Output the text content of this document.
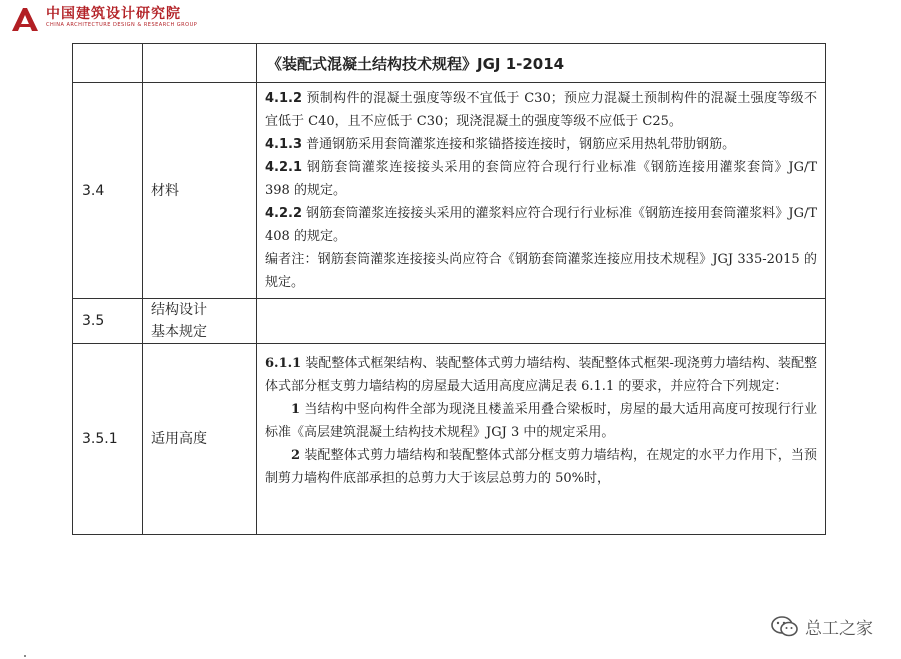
中国建筑设计研究院
CHINA ARCHITECTURE DESIGN & RESEARCH GROUP
		《装配式混凝土结构技术规程》JGJ 1-2014
3.4	材料	4.1.2 预制构件的混凝土强度等级不宜低于 C30；预应力混凝土预制构件的混凝土强度等级不宜低于 C40，且不应低于 C30；现浇混凝土的强度等级不应低于 C25。

4.1.3 普通钢筋采用套筒灌浆连接和浆锚搭接连接时，钢筋应采用热轧带肋钢筋。

4.2.1 钢筋套筒灌浆连接接头采用的套筒应符合现行行业标准《钢筋连接用灌浆套筒》JG/T 398 的规定。

4.2.2 钢筋套筒灌浆连接接头采用的灌浆料应符合现行行业标准《钢筋连接用套筒灌浆料》JG/T 408 的规定。

编者注：钢筋套筒灌浆连接接头尚应符合《钢筋套筒灌浆连接应用技术规程》JGJ 335-2015 的规定。

3.5	结构设计
基本规定	

3.5.1	适用高度	6.1.1 装配整体式框架结构、装配整体式剪力墙结构、装配整体式框架-现浇剪力墙结构、装配整体式部分框支剪力墙结构的房屋最大适用高度应满足表 6.1.1 的要求，并应符合下列规定：

1 当结构中竖向构件全部为现浇且楼盖采用叠合梁板时，房屋的最大适用高度可按现行行业标准《高层建筑混凝土结构技术规程》JGJ 3 中的规定采用。

2 装配整体式剪力墙结构和装配整体式部分框支剪力墙结构，在规定的水平力作用下，当预制剪力墙构件底部承担的总剪力大于该层总剪力的 50%时，

总工之家
